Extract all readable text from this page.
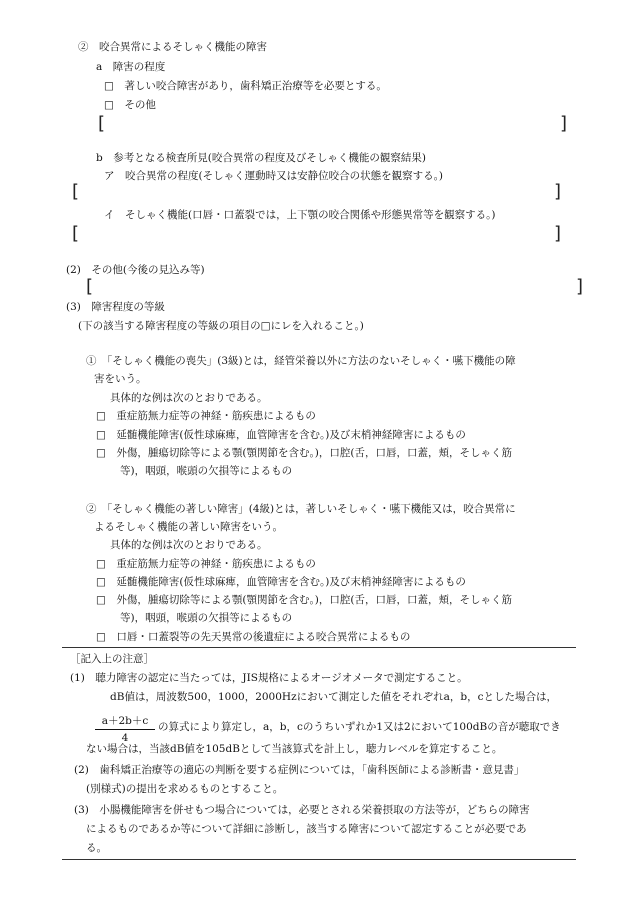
②　咬合異常によるそしゃく機能の障害
a　障害の程度
□　著しい咬合障害があり，歯科矯正治療等を必要とする。
□　その他
[	]
b　参考となる検査所見(咬合異常の程度及びそしゃく機能の観察結果)
ア　咬合異常の程度(そしゃく運動時又は安静位咬合の状態を観察する。)
[	]
イ　そしゃく機能(口唇・口蓋裂では，上下顎の咬合関係や形態異常等を観察する。)
[	]
(2)　その他(今後の見込み等)
[	]
(3)　障害程度の等級
(下の該当する障害程度の等級の項目の□にレを入れること。)
①　「そしゃく機能の喪失」(3級)とは，経管栄養以外に方法のないそしゃく・嚥下機能の障
害をいう。
具体的な例は次のとおりである。
□　重症筋無力症等の神経・筋疾患によるもの
□　延髄機能障害(仮性球麻痺，血管障害を含む。)及び末梢神経障害によるもの
□　外傷，腫瘍切除等による顎(顎関節を含む。)，口腔(舌，口唇，口蓋，頬，そしゃく筋
等)，咽頭，喉頭の欠損等によるもの
②　「そしゃく機能の著しい障害」(4級)とは，著しいそしゃく・嚥下機能又は，咬合異常に
よるそしゃく機能の著しい障害をいう。
具体的な例は次のとおりである。
□　重症筋無力症等の神経・筋疾患によるもの
□　延髄機能障害(仮性球麻痺，血管障害を含む。)及び末梢神経障害によるもの
□　外傷，腫瘍切除等による顎(顎関節を含む。)，口腔(舌，口唇，口蓋，頬，そしゃく筋
等)，咽頭，喉頭の欠損等によるもの
□　口唇・口蓋裂等の先天異常の後遺症による咬合異常によるもの
［記入上の注意］
(1)　聴力障害の認定に当たっては，JIS規格によるオージオメータで測定すること。
dB値は，周波数500，1000，2000Hzにおいて測定した値をそれぞれa，b，cとした場合は，
$\frac{a+2b+c}{4}$ の算式により算定し，a，b，cのうちいずれか1又は2において100dBの音が聴取でき
ない場合は，当該dB値を105dBとして当該算式を計上し，聴力レベルを算定すること。
(2)　歯科矯正治療等の適応の判断を要する症例については，「歯科医師による診断書・意見書」
(別様式)の提出を求めるものとすること。
(3)　小腸機能障害を併せもつ場合については，必要とされる栄養摂取の方法等が，どちらの障害
によるものであるか等について詳細に診断し，該当する障害について認定することが必要であ
る。
